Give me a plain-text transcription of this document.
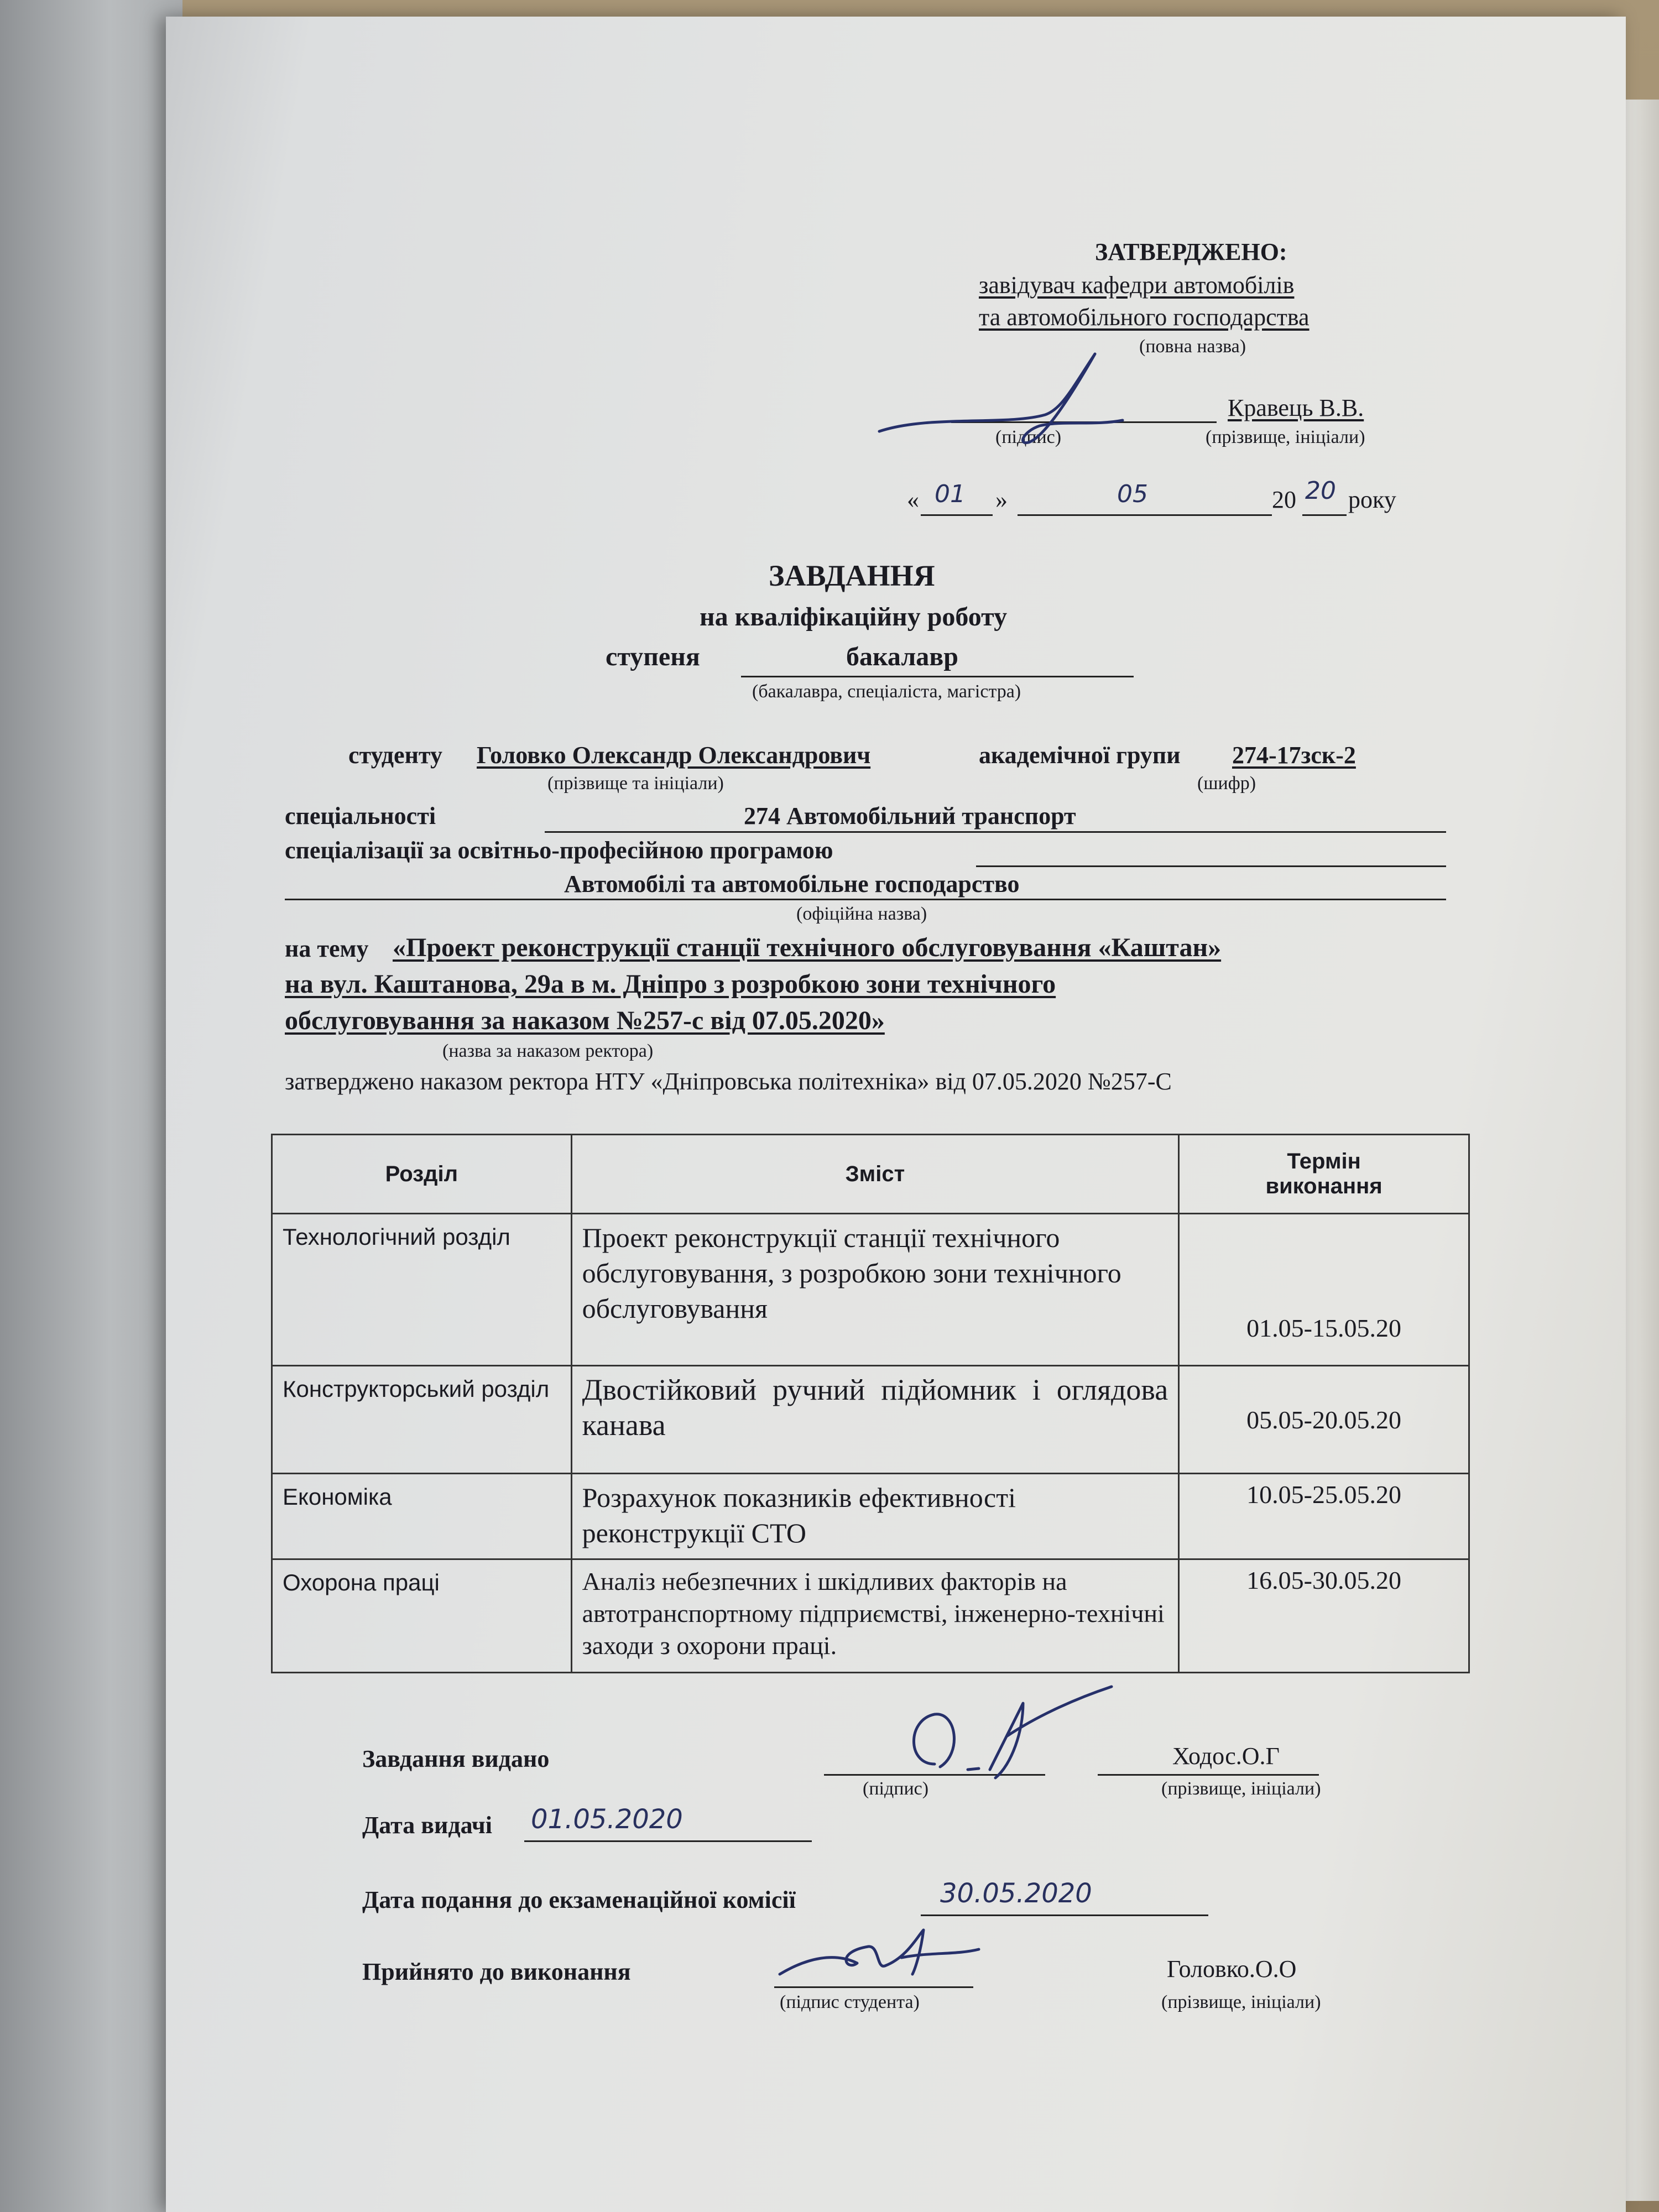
ЗАТВЕРДЖЕНО:
завідувач кафедри автомобілів
та автомобільного господарства
(повна назва)
Кравець В.В.
(підпис)	(прізвище, ініціали)
« 01 »	05	20 20 року
ЗАВДАННЯ
на кваліфікаційну роботу
ступеня	бакалавр
(бакалавра, спеціаліста, магістра)
студенту Головко Олександр Олександрович	академічної групи 274-17зск-2
(прізвище та ініціали)	(шифр)
спеціальності	274 Автомобільний транспорт
спеціалізації за освітньо-професійною програмою
Автомобілі та автомобільне господарство
(офіційна назва)
на тему «Проект реконструкції станції технічного обслуговування «Каштан»
на вул. Каштанова, 29а в м. Дніпро з розробкою зони технічного
обслуговування за наказом №257-с від 07.05.2020»
(назва за наказом ректора)
затверджено наказом ректора НТУ «Дніпровська політехніка» від 07.05.2020 №257-С
Розділ	Зміст	Термін
виконання
Технологічний розділ	Проект реконструкції станції технічного обслуговування, з розробкою зони технічного обслуговування	01.05-15.05.20
Конструкторський розділ	Двостійковий ручний підйомник і оглядова канава	05.05-20.05.20
Економіка	Розрахунок показників ефективності реконструкції СТО	10.05-25.05.20
Охорона праці	Аналіз небезпечних і шкідливих факторів на автотранспортному підприємстві, інженерно-технічні заходи з охорони праці.	16.05-30.05.20
Завдання видано	Ходос.О.Г
(підпис)	(прізвище, ініціали)
Дата видачі 01.05.2020
Дата подання до екзаменаційної комісії	30.05.2020
Прийнято до виконання	Головко.О.О
(підпис студента)	(прізвище, ініціали)
